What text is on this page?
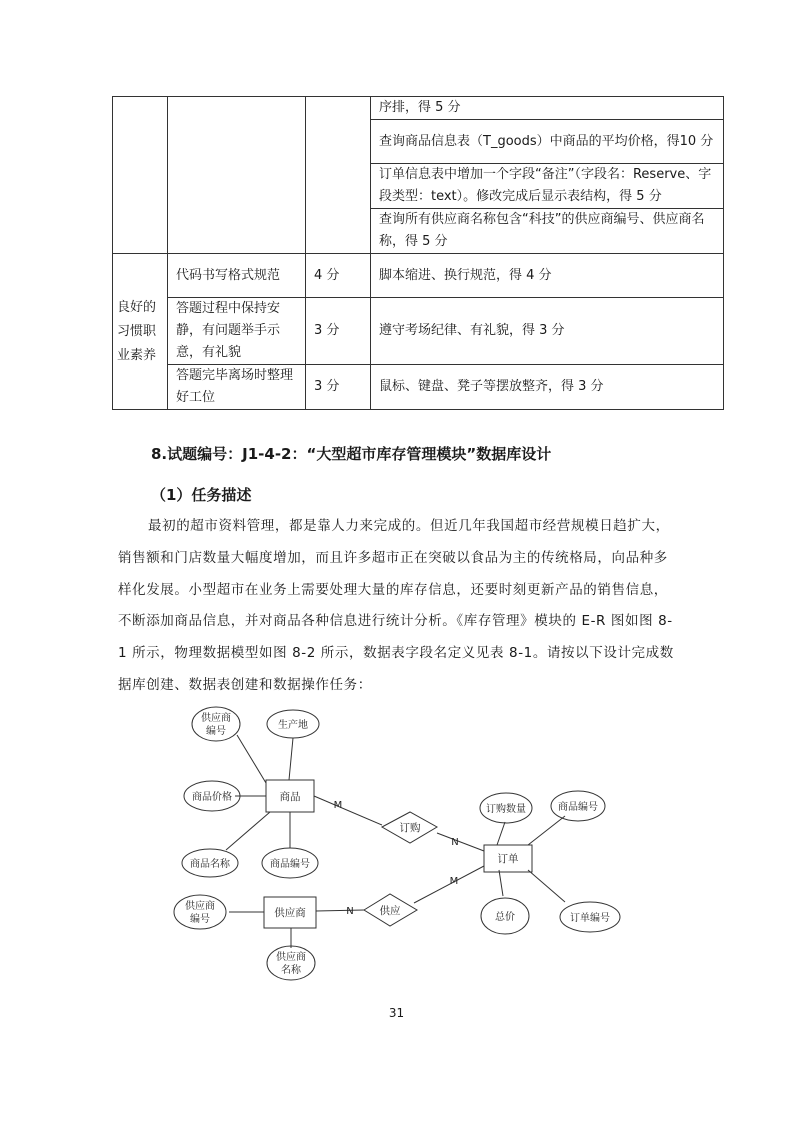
			序排，得 5 分
			查询商品信息表（T_goods）中商品的平均价格，得10 分
			订单信息表中增加一个字段“备注”（字段名：Reserve、字段类型：text）。修改完成后显示表结构，得 5 分
			查询所有供应商名称包含“科技”的供应商编号、供应商名称，得 5 分
良好的习惯职业素养	代码书写格式规范	4 分	脚本缩进、换行规范，得 4 分
	答题过程中保持安静，有问题举手示意，有礼貌	3 分	遵守考场纪律、有礼貌，得 3 分
	答题完毕离场时整理好工位	3 分	鼠标、键盘、凳子等摆放整齐，得 3 分
8.试题编号：J1-4-2：“大型超市库存管理模块”数据库设计
（1）任务描述
最初的超市资料管理，都是靠人力来完成的。但近几年我国超市经营规模日趋扩大，销售额和门店数量大幅度增加，而且许多超市正在突破以食品为主的传统格局，向品种多样化发展。小型超市在业务上需要处理大量的库存信息，还要时刻更新产品的销售信息，不断添加商品信息，并对商品各种信息进行统计分析。《库存管理》模块的 E-R 图如图 8-1 所示，物理数据模型如图 8-2 所示，数据表字段名定义见表 8-1。请按以下设计完成数据库创建、数据表创建和数据操作任务：
商品
订单
供应商
订购
供应
供应商
编号
生产地
商品价格
商品名称	商品编号
订购数量	商品编号
总价	订单编号
供应商
编号
供应商
名称
M
N
N
M
31
